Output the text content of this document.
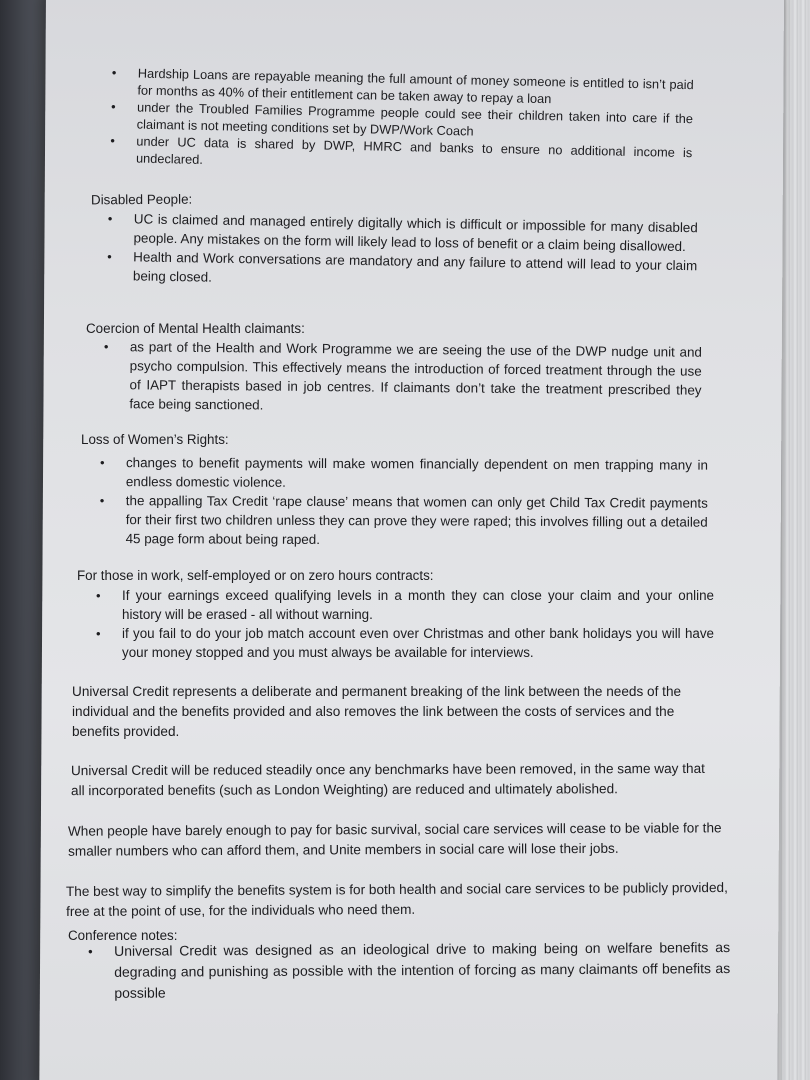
• Hardship Loans are repayable meaning the full amount of money someone is entitled to isn’t paid for months as 40% of their entitlement can be taken away to repay a loan
• under the Troubled Families Programme people could see their children taken into care if the claimant is not meeting conditions set by DWP/Work Coach
• under UC data is shared by DWP, HMRC and banks to ensure no additional income is undeclared.
Disabled People:
• UC is claimed and managed entirely digitally which is difficult or impossible for many disabled people. Any mistakes on the form will likely lead to loss of benefit or a claim being disallowed.
• Health and Work conversations are mandatory and any failure to attend will lead to your claim being closed.
Coercion of Mental Health claimants:
• as part of the Health and Work Programme we are seeing the use of the DWP nudge unit and psycho compulsion. This effectively means the introduction of forced treatment through the use of IAPT therapists based in job centres. If claimants don’t take the treatment prescribed they face being sanctioned.
Loss of Women’s Rights:
• changes to benefit payments will make women financially dependent on men trapping many in endless domestic violence.
• the appalling Tax Credit ‘rape clause’ means that women can only get Child Tax Credit payments for their first two children unless they can prove they were raped; this involves filling out a detailed 45 page form about being raped.
For those in work, self-employed or on zero hours contracts:
• If your earnings exceed qualifying levels in a month they can close your claim and your online history will be erased - all without warning.
• if you fail to do your job match account even over Christmas and other bank holidays you will have your money stopped and you must always be available for interviews.
Universal Credit represents a deliberate and permanent breaking of the link between the needs of the individual and the benefits provided and also removes the link between the costs of services and the benefits provided.
Universal Credit will be reduced steadily once any benchmarks have been removed, in the same way that all incorporated benefits (such as London Weighting) are reduced and ultimately abolished.
When people have barely enough to pay for basic survival, social care services will cease to be viable for the smaller numbers who can afford them, and Unite members in social care will lose their jobs.
The best way to simplify the benefits system is for both health and social care services to be publicly provided, free at the point of use, for the individuals who need them.
Conference notes:
• Universal Credit was designed as an ideological drive to making being on welfare benefits as degrading and punishing as possible with the intention of forcing as many claimants off benefits as possible
